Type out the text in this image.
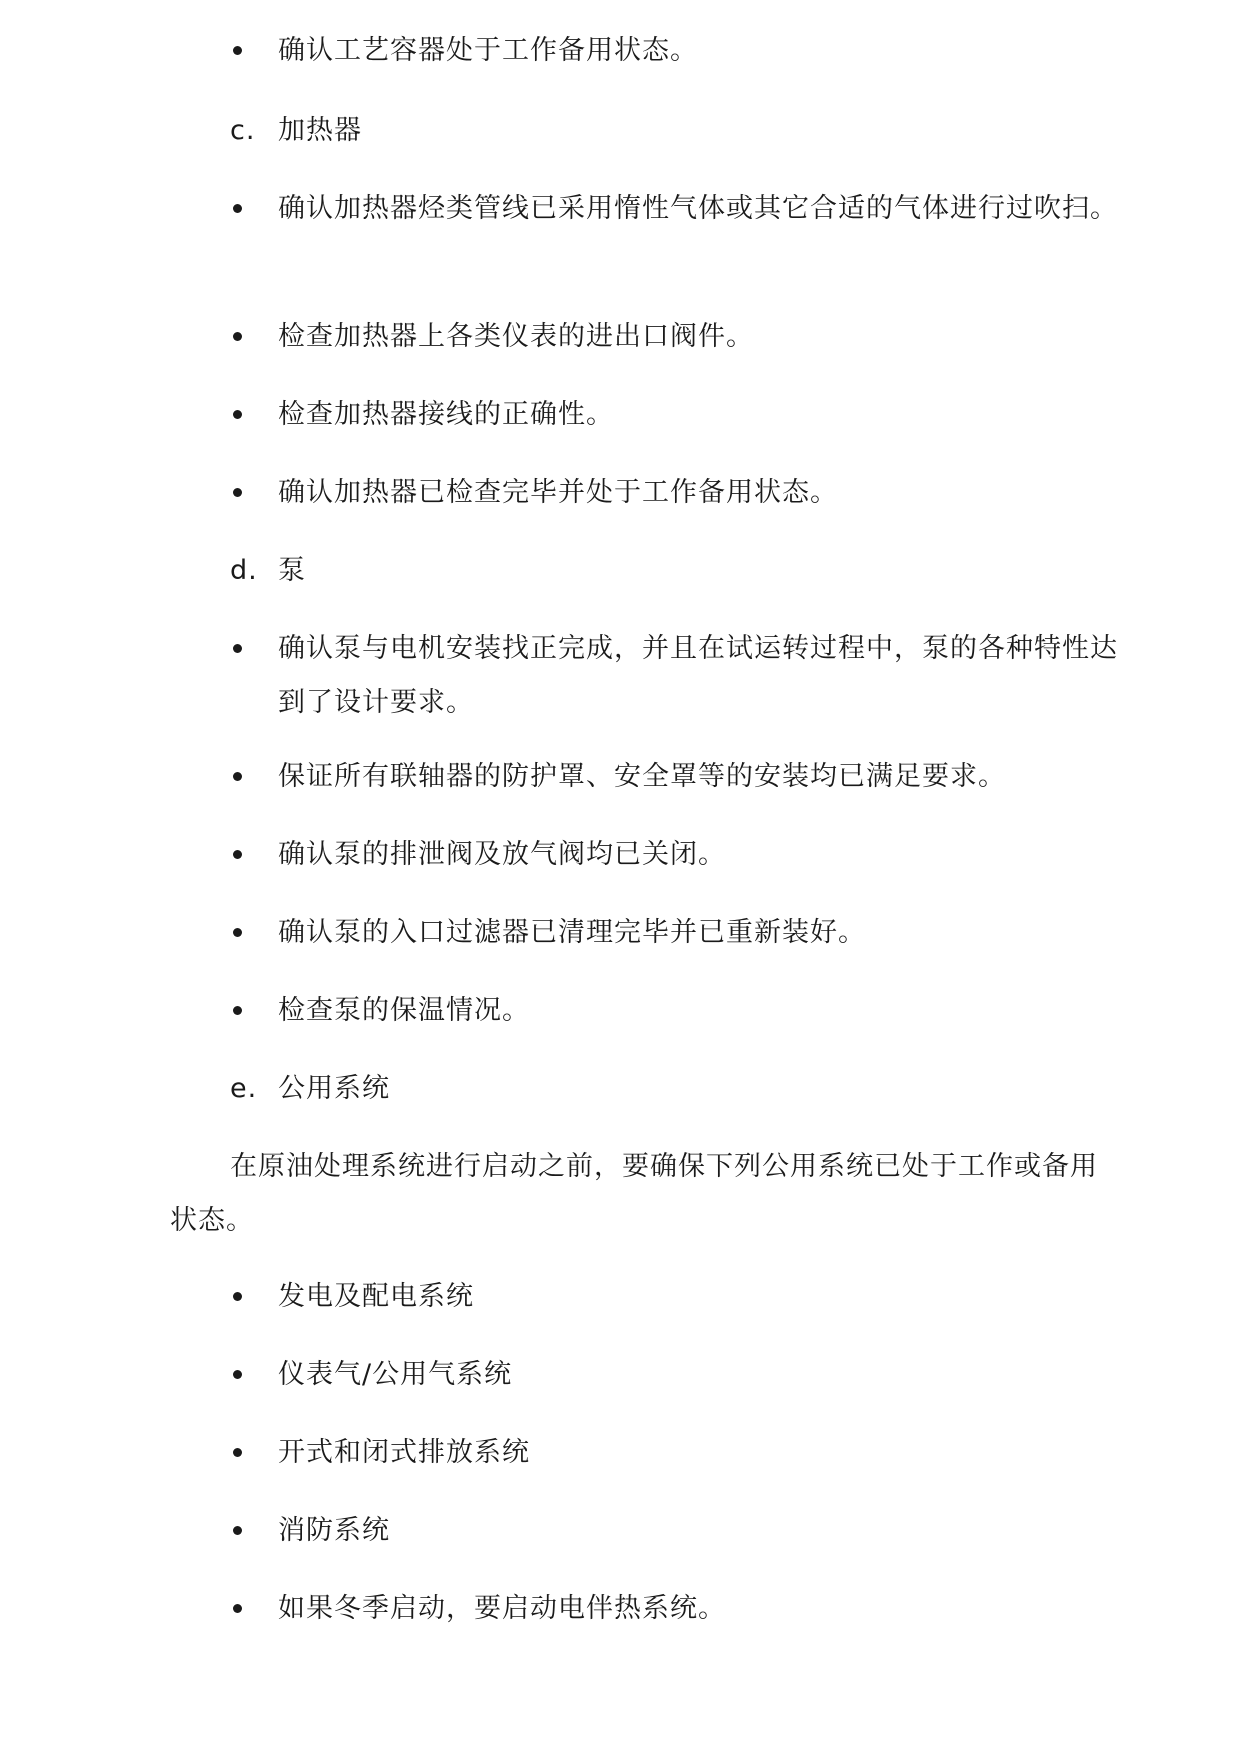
确认工艺容器处于工作备用状态。
c. 加热器
确认加热器烃类管线已采用惰性气体或其它合适的气体进行过吹扫。
检查加热器上各类仪表的进出口阀件。
检查加热器接线的正确性。
确认加热器已检查完毕并处于工作备用状态。
d. 泵
确认泵与电机安装找正完成，并且在试运转过程中，泵的各种特性达到了设计要求。
保证所有联轴器的防护罩、安全罩等的安装均已满足要求。
确认泵的排泄阀及放气阀均已关闭。
确认泵的入口过滤器已清理完毕并已重新装好。
检查泵的保温情况。
e. 公用系统
在原油处理系统进行启动之前，要确保下列公用系统已处于工作或备用状态。
发电及配电系统
仪表气/公用气系统
开式和闭式排放系统
消防系统
如果冬季启动，要启动电伴热系统。
